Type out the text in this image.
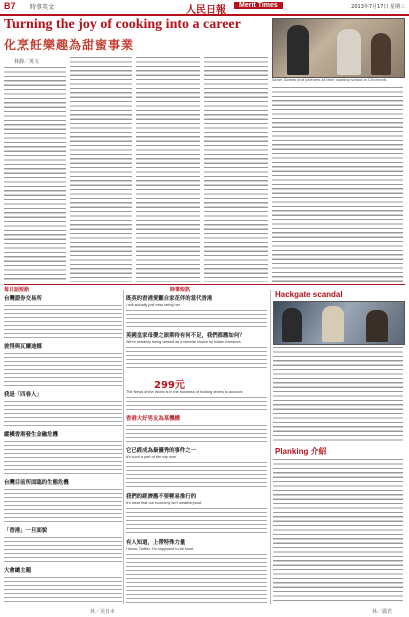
B7 時事英文	人民日報	Merit Times	2013年7月17日 星期三
Turning the joy of cooking into a career
化烹飪樂趣為甜蜜事業
林靜／英文
Sarah Gomes and partners at their cooking school in Cincinnati.
每日話短語	時事短訊
台灣證券交易所
彼得與瓦爾迪娜
我是「四春人」
縱橫香港發生金融危機
台灣目前所面臨的生態危機
「香港」一旦面貌
大會總主題
既英的香港愛觀自家花伴的當代香港
I will actually just miss being her.
英國皇家母嬰之旅期待有何不足，我們都應如何？
We're certainly being viewed as a favorite choice by Indian investors.
299元
The News of the World is in the business of holding others to account.
香港大好男友為某機構
它已經成為最優秀的事件之一
It's such a part of the city now.
我們的經濟應不要輕易推行的
It's clear that our economy isn't weatherproof.
有人知道，上帶特殊力量
I know, Twitter. I'm supposed to be short.
Hackgate scandal
Planking 介紹
林／美日本	林／麗君
